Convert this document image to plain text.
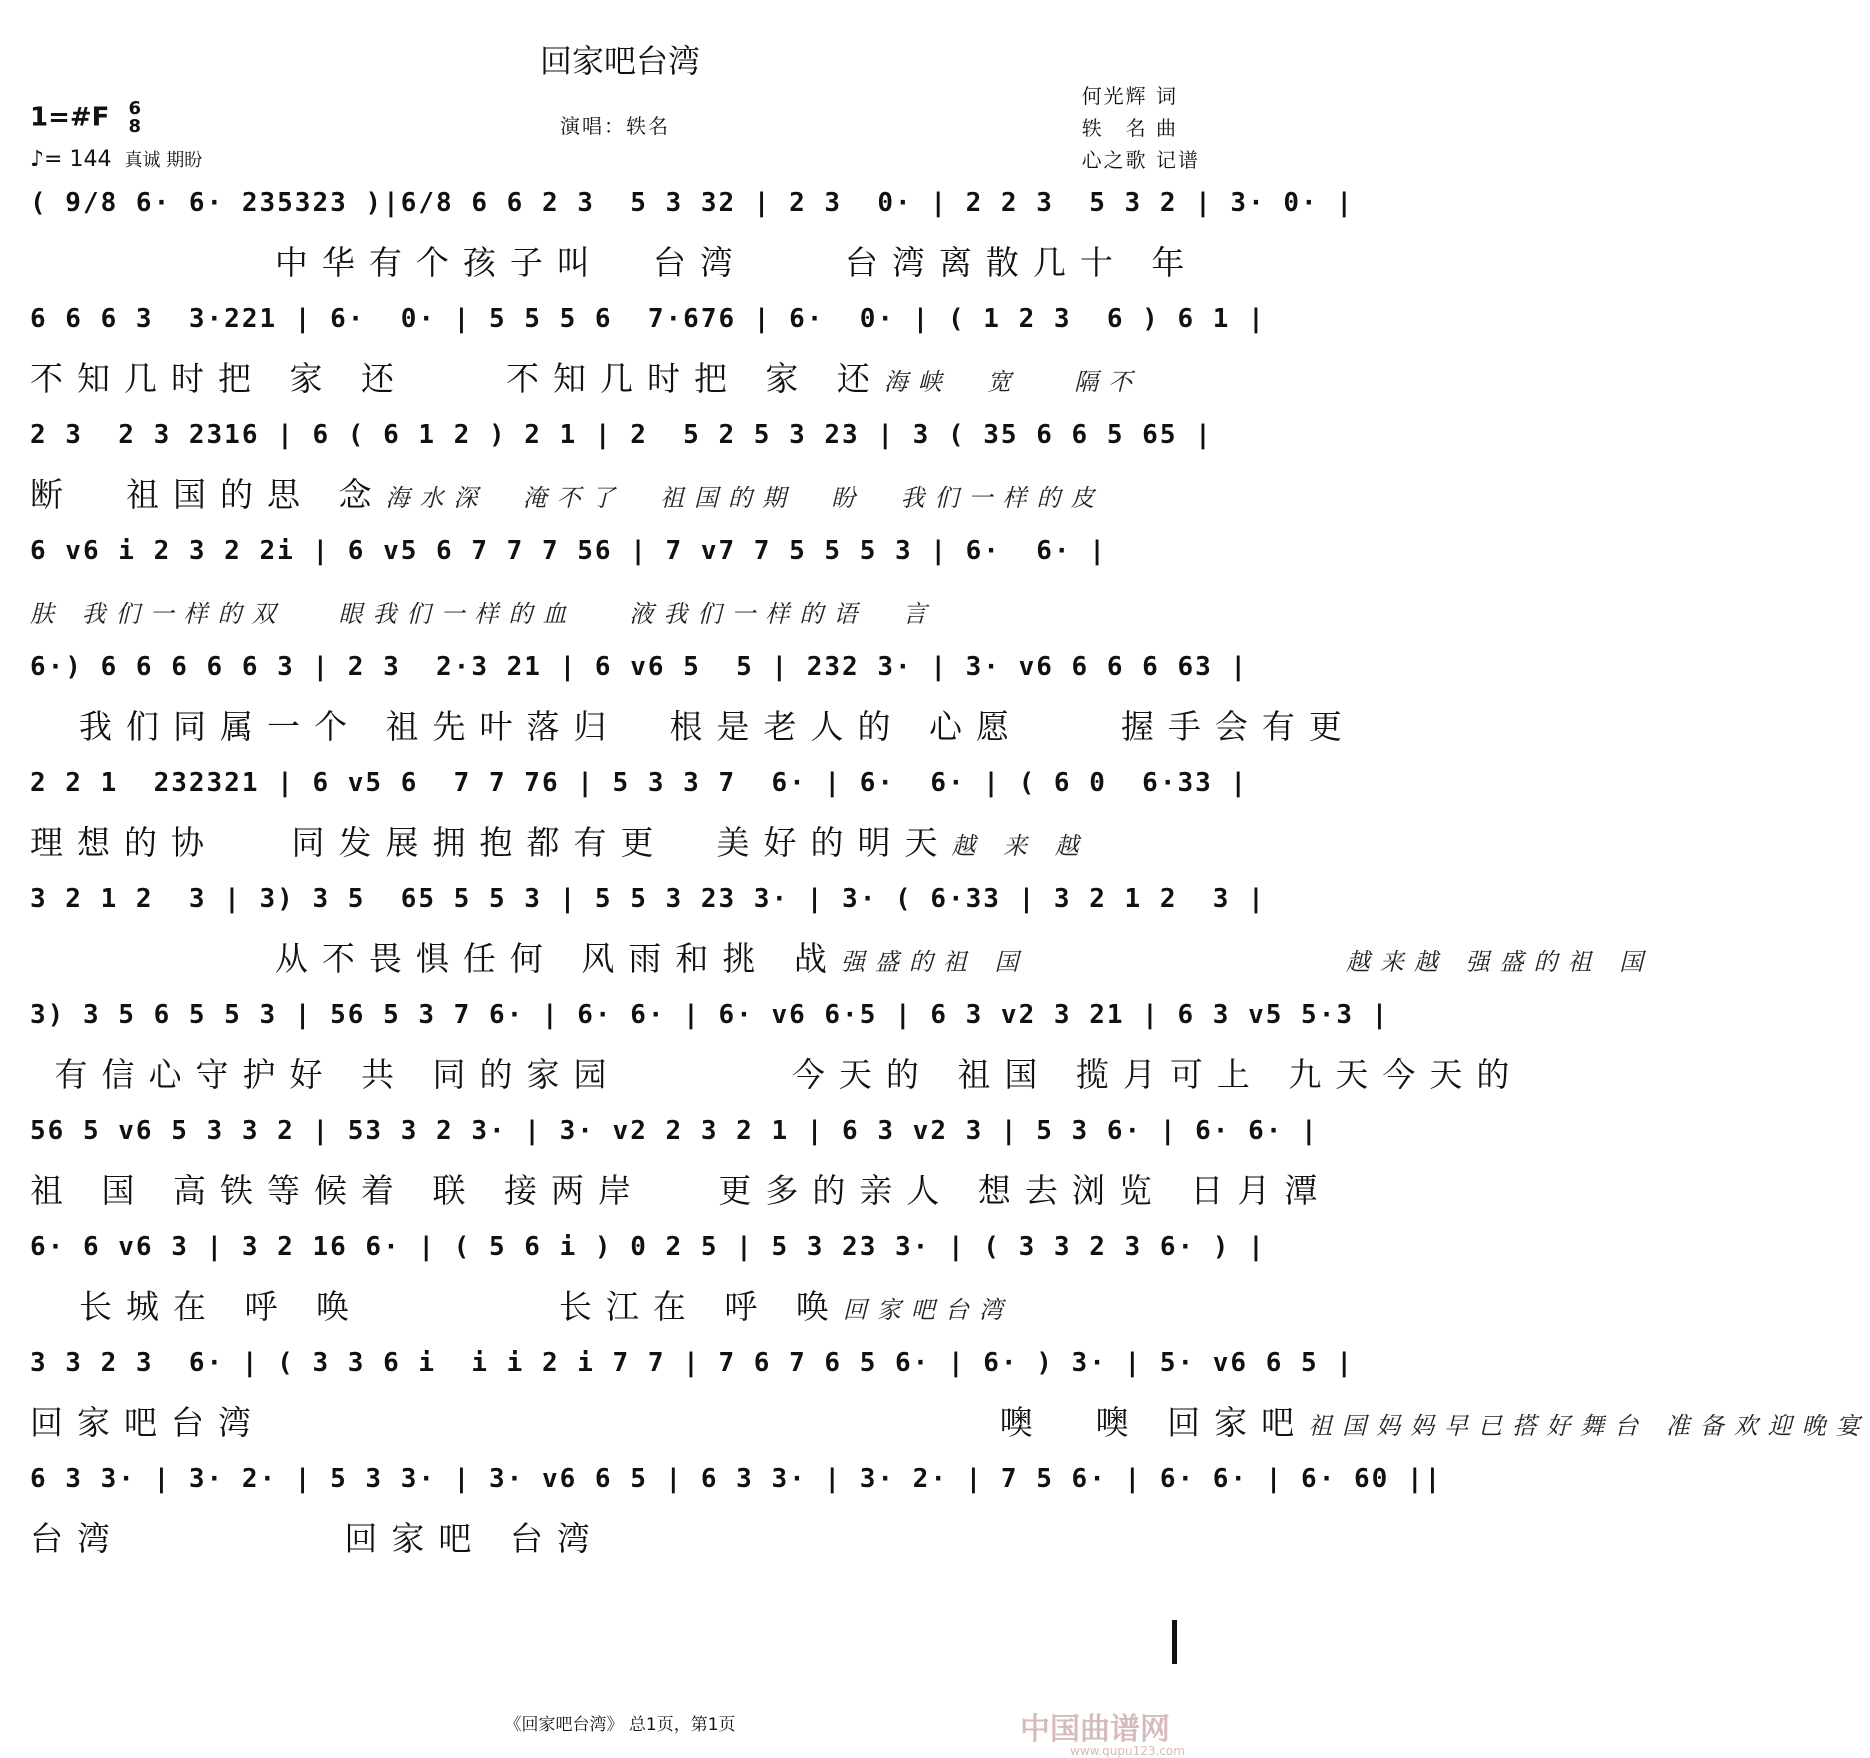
回家吧台湾
何光辉 词
轶　名 曲
心之歌 记谱
1=#F 6
8
♪= 144 真诚 期盼
演唱：轶名
( 9/8 6· 6· 235323 )|6/8 6 6 2 3  5 3 32 | 2 3  0· | 2 2 3  5 3 2 | 3· 0· |
中华有个孩子叫  台湾    台湾离散几十 年
6 6 6 3  3·221 | 6·  0· | 5 5 5 6  7·676 | 6·  0· | ( 1 2 3  6 ) 6 1 |
不知几时把 家 还    不知几时把 家 还海峡  宽   隔不
2 3  2 3 2316 | 6 ( 6 1 2 ) 2 1 | 2  5 2 5 3 23 | 3 ( 35 6 6 5 65 |
断  祖国的思 念海水深  淹不了  祖国的期  盼  我们一样的皮
6 v6 i 2 3 2 2i | 6 v5 6 7 7 7 56 | 7 v7 7 5 5 5 3 | 6·  6· |
肤 我们一样的双   眼我们一样的血   液我们一样的语  言
6·) 6 6 6 6 6 3 | 2 3  2·3 21 | 6 v6 5  5 | 232 3· | 3· v6 6 6 6 63 |
我们同属一个 祖先叶落归  根是老人的 心愿    握手会有更
2 2 1  232321 | 6 v5 6  7 7 76 | 5 3 3 7  6· | 6·  6· | ( 6 0  6·33 |
理想的协   同发展拥抱都有更  美好的明天越 来 越
3 2 1 2  3 | 3) 3 5  65 5 5 3 | 5 5 3 23 3· | 3· ( 6·33 | 3 2 1 2  3 |
从不畏惧任何 风雨和挑 战强盛的祖 国                  越来越 强盛的祖 国
3) 3 5 6 5 5 3 | 56 5 3 7 6· | 6· 6· | 6· v6 6·5 | 6 3 v2 3 21 | 6 3 v5 5·3 |
有信心守护好 共 同的家园       今天的 祖国 揽月可上 九天今天的
56 5 v6 5 3 3 2 | 53 3 2 3· | 3· v2 2 3 2 1 | 6 3 v2 3 | 5 3 6· | 6· 6· |
祖 国 高铁等候着 联 接两岸   更多的亲人 想去浏览 日月潭
6· 6 v6 3 | 3 2 16 6· | ( 5 6 i ) 0 2 5 | 5 3 23 3· | ( 3 3 2 3 6· ) |
长城在 呼 唤        长江在 呼 唤回家吧台湾
3 3 2 3  6· | ( 3 3 6 i  i i 2 i 7 7 | 7 6 7 6 5 6· | 6· ) 3· | 5· v6 6 5 |
回家吧台湾                              噢  噢 回家吧祖国妈妈早已搭好舞台 准备欢迎晚宴
6 3 3· | 3· 2· | 5 3 3· | 3· v6 6 5 | 6 3 3· | 3· 2· | 7 5 6· | 6· 6· | 6· 60 ||
台湾         回家吧 台湾
《回家吧台湾》 总1页，第1页	中国曲谱网
www.qupu123.com
